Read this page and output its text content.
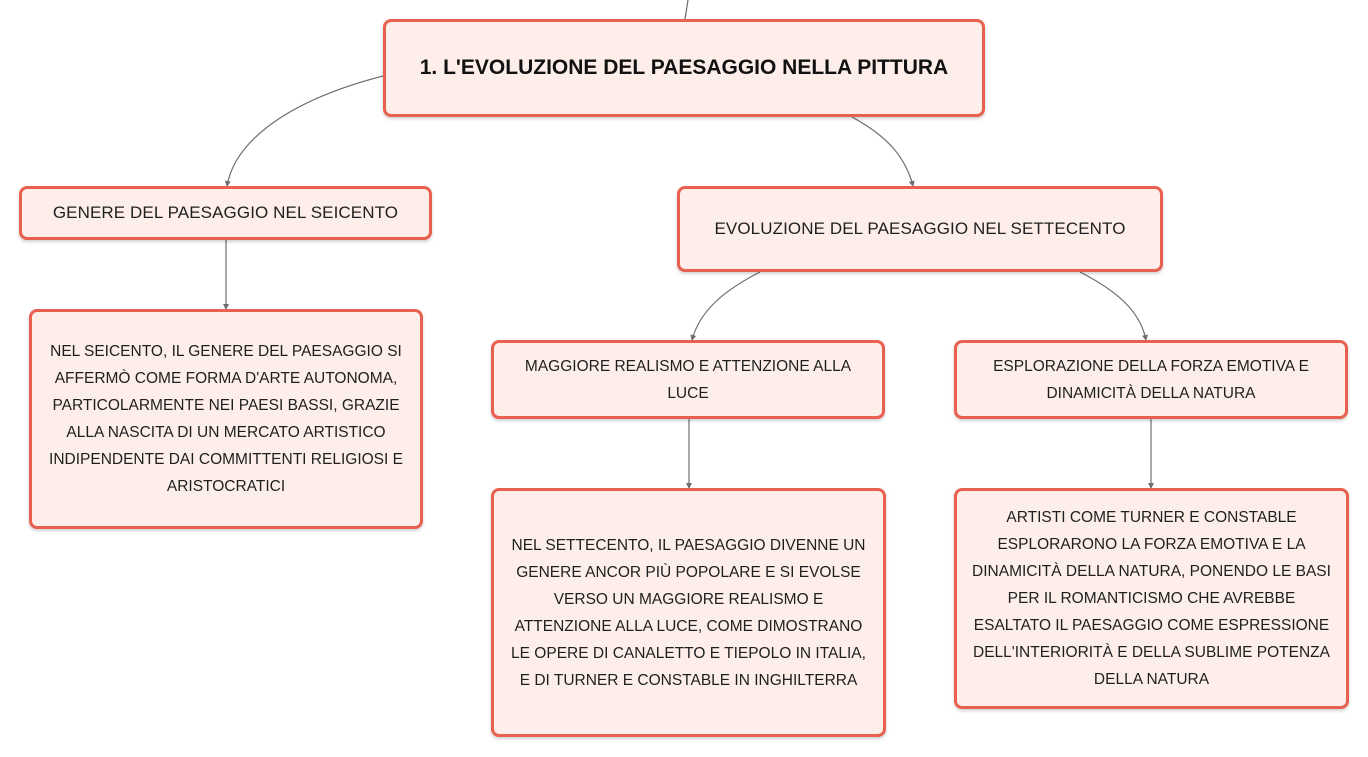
1. L'EVOLUZIONE DEL PAESAGGIO NELLA PITTURA
GENERE DEL PAESAGGIO NEL SEICENTO
EVOLUZIONE DEL PAESAGGIO NEL SETTECENTO
NEL SEICENTO, IL GENERE DEL PAESAGGIO SI AFFERMÒ COME FORMA D'ARTE AUTONOMA, PARTICOLARMENTE NEI PAESI BASSI, GRAZIE ALLA NASCITA DI UN MERCATO ARTISTICO INDIPENDENTE DAI COMMITTENTI RELIGIOSI E ARISTOCRATICI
MAGGIORE REALISMO E ATTENZIONE ALLA LUCE
ESPLORAZIONE DELLA FORZA EMOTIVA E DINAMICITÀ DELLA NATURA
NEL SETTECENTO, IL PAESAGGIO DIVENNE UN GENERE ANCOR PIÙ POPOLARE E SI EVOLSE VERSO UN MAGGIORE REALISMO E ATTENZIONE ALLA LUCE, COME DIMOSTRANO LE OPERE DI CANALETTO E TIEPOLO IN ITALIA, E DI TURNER E CONSTABLE IN INGHILTERRA
ARTISTI COME TURNER E CONSTABLE ESPLORARONO LA FORZA EMOTIVA E LA DINAMICITÀ DELLA NATURA, PONENDO LE BASI PER IL ROMANTICISMO CHE AVREBBE ESALTATO IL PAESAGGIO COME ESPRESSIONE DELL'INTERIORITÀ E DELLA SUBLIME POTENZA DELLA NATURA
